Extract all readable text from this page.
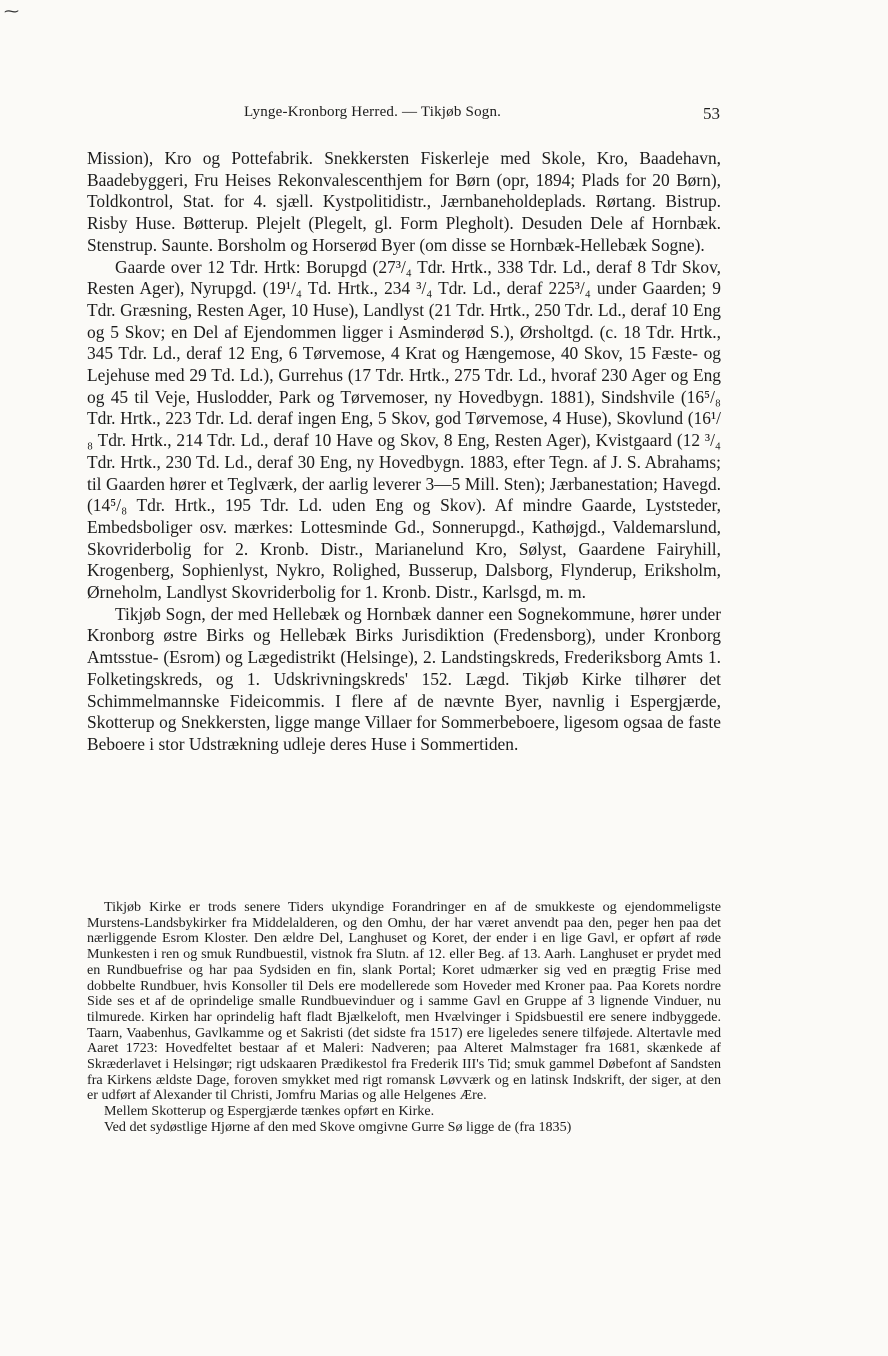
⁓
Lynge-Kronborg Herred. — Tikjøb Sogn.	53

Mission), Kro og Pottefabrik. Snekkersten Fiskerleje med Skole, Kro, Baadehavn, Baadebyggeri, Fru Heises Rekonvalescenthjem for Børn (opr, 1894; Plads for 20 Børn), Toldkontrol, Stat. for 4. sjæll. Kystpolitidistr., Jærnbaneholdeplads. Rørtang. Bistrup. Risby Huse. Bøtterup. Plejelt (Plegelt, gl. Form Plegholt). Desuden Dele af Hornbæk. Stenstrup. Saunte. Borsholm og Horserød Byer (om disse se Hornbæk-Hellebæk Sogne).

Gaarde over 12 Tdr. Hrtk: Borupgd (27³/₄ Tdr. Hrtk., 338 Tdr. Ld., deraf 8 Tdr Skov, Resten Ager), Nyrupgd. (19¹/₄ Td. Hrtk., 234 ³/₄ Tdr. Ld., deraf 225³/₄ under Gaarden; 9 Tdr. Græsning, Resten Ager, 10 Huse), Landlyst (21 Tdr. Hrtk., 250 Tdr. Ld., deraf 10 Eng og 5 Skov; en Del af Ejendommen ligger i Asminderød S.), Ørsholtgd. (c. 18 Tdr. Hrtk., 345 Tdr. Ld., deraf 12 Eng, 6 Tørvemose, 4 Krat og Hængemose, 40 Skov, 15 Fæste- og Lejehuse med 29 Td. Ld.), Gurrehus (17 Tdr. Hrtk., 275 Tdr. Ld., hvoraf 230 Ager og Eng og 45 til Veje, Huslodder, Park og Tørvemoser, ny Hovedbygn. 1881), Sindshvile (16⁵/₈ Tdr. Hrtk., 223 Tdr. Ld. deraf ingen Eng, 5 Skov, god Tørvemose, 4 Huse), Skovlund (16¹/₈ Tdr. Hrtk., 214 Tdr. Ld., deraf 10 Have og Skov, 8 Eng, Resten Ager), Kvistgaard (12 ³/₄ Tdr. Hrtk., 230 Td. Ld., deraf 30 Eng, ny Hovedbygn. 1883, efter Tegn. af J. S. Abrahams; til Gaarden hører et Teglværk, der aarlig leverer 3—5 Mill. Sten); Jærbanestation; Havegd. (14⁵/₈ Tdr. Hrtk., 195 Tdr. Ld. uden Eng og Skov). Af mindre Gaarde, Lyststeder, Embedsboliger osv. mærkes: Lottesminde Gd., Sonnerupgd., Kathøjgd., Valdemarslund, Skovriderbolig for 2. Kronb. Distr., Marianelund Kro, Sølyst, Gaardene Fairyhill, Krogenberg, Sophienlyst, Nykro, Rolighed, Busserup, Dalsborg, Flynderup, Eriksholm, Ørneholm, Landlyst Skovriderbolig for 1. Kronb. Distr., Karlsgd, m. m.

Tikjøb Sogn, der med Hellebæk og Hornbæk danner een Sognekommune, hører under Kronborg østre Birks og Hellebæk Birks Jurisdiktion (Fredensborg), under Kronborg Amtsstue- (Esrom) og Lægedistrikt (Helsinge), 2. Landstingskreds, Frederiksborg Amts 1. Folketingskreds, og 1. Udskrivningskreds' 152. Lægd. Tikjøb Kirke tilhører det Schimmelmannske Fideicommis. I flere af de nævnte Byer, navnlig i Espergjærde, Skotterup og Snekkersten, ligge mange Villaer for Sommerbeboere, ligesom ogsaa de faste Beboere i stor Udstrækning udleje deres Huse i Sommertiden.

Tikjøb Kirke er trods senere Tiders ukyndige Forandringer en af de smukkeste og ejendommeligste Murstens-Landsbykirker fra Middelalderen, og den Omhu, der har været anvendt paa den, peger hen paa det nærliggende Esrom Kloster. Den ældre Del, Langhuset og Koret, der ender i en lige Gavl, er opført af røde Munkesten i ren og smuk Rundbuestil, vistnok fra Slutn. af 12. eller Beg. af 13. Aarh. Langhuset er prydet med en Rundbuefrise og har paa Sydsiden en fin, slank Portal; Koret udmærker sig ved en prægtig Frise med dobbelte Rundbuer, hvis Konsoller til Dels ere modellerede som Hoveder med Kroner paa. Paa Korets nordre Side ses et af de oprindelige smalle Rundbuevinduer og i samme Gavl en Gruppe af 3 lignende Vinduer, nu tilmurede. Kirken har oprindelig haft fladt Bjælkeloft, men Hvælvinger i Spidsbuestil ere senere indbyggede. Taarn, Vaabenhus, Gavlkamme og et Sakristi (det sidste fra 1517) ere ligeledes senere tilføjede. Altertavle med Aaret 1723: Hovedfeltet bestaar af et Maleri: Nadveren; paa Alteret Malmstager fra 1681, skænkede af Skræderlavet i Helsingør; rigt udskaaren Prædikestol fra Frederik III's Tid; smuk gammel Døbefont af Sandsten fra Kirkens ældste Dage, foroven smykket med rigt romansk Løvværk og en latinsk Indskrift, der siger, at den er udført af Alexander til Christi, Jomfru Marias og alle Helgenes Ære.

Mellem Skotterup og Espergjærde tænkes opført en Kirke.

Ved det sydøstlige Hjørne af den med Skove omgivne Gurre Sø ligge de (fra 1835)
